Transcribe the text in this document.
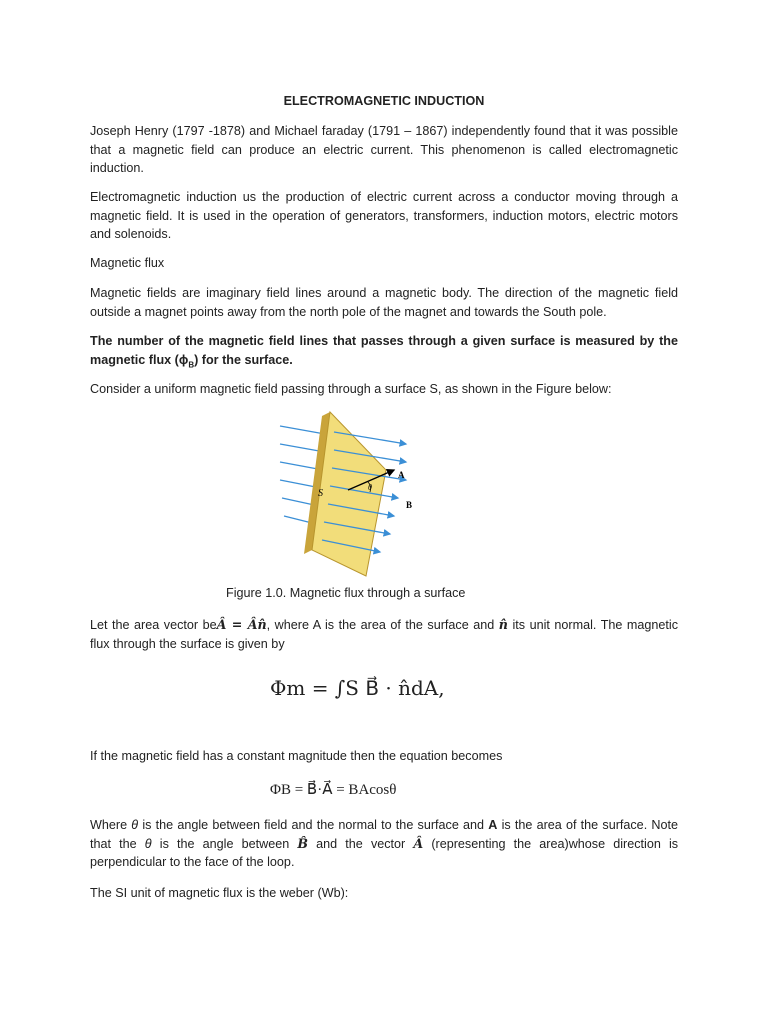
ELECTROMAGNETIC INDUCTION

Joseph Henry (1797 -1878) and Michael faraday (1791 – 1867) independently found that it was possible that a magnetic field can produce an electric current. This phenomenon is called electromagnetic induction.

Electromagnetic induction us the production of electric current across a conductor moving through a magnetic field. It is used in the operation of generators, transformers, induction motors, electric motors and solenoids.

Magnetic flux

Magnetic fields are imaginary field lines around a magnetic body. The direction of the magnetic field outside a magnet points away from the north pole of the magnet and towards the South pole.

The number of the magnetic field lines that passes through a given surface is measured by the magnetic flux $(\phi_B)$ for the surface.

Consider a uniform magnetic field passing through a surface S, as shown in the Figure below:

S
θ
A
B

Figure 1.0. Magnetic flux through a surface

Let the area vector beÂ = Ân̂, where A is the area of the surface and n̂ its unit normal. The magnetic flux through the surface is given by

Φm = ∫S B⃗ · n̂dA,

If the magnetic field has a constant magnitude then the equation becomes

ΦB = B⃗·A⃗ = BAcosθ

Where θ is the angle between field and the normal to the surface and A is the area of the surface. Note that the θ is the angle between B̂ and the vector Â (representing the area)whose direction is perpendicular to the face of the loop.

The SI unit of magnetic flux is the weber (Wb):
